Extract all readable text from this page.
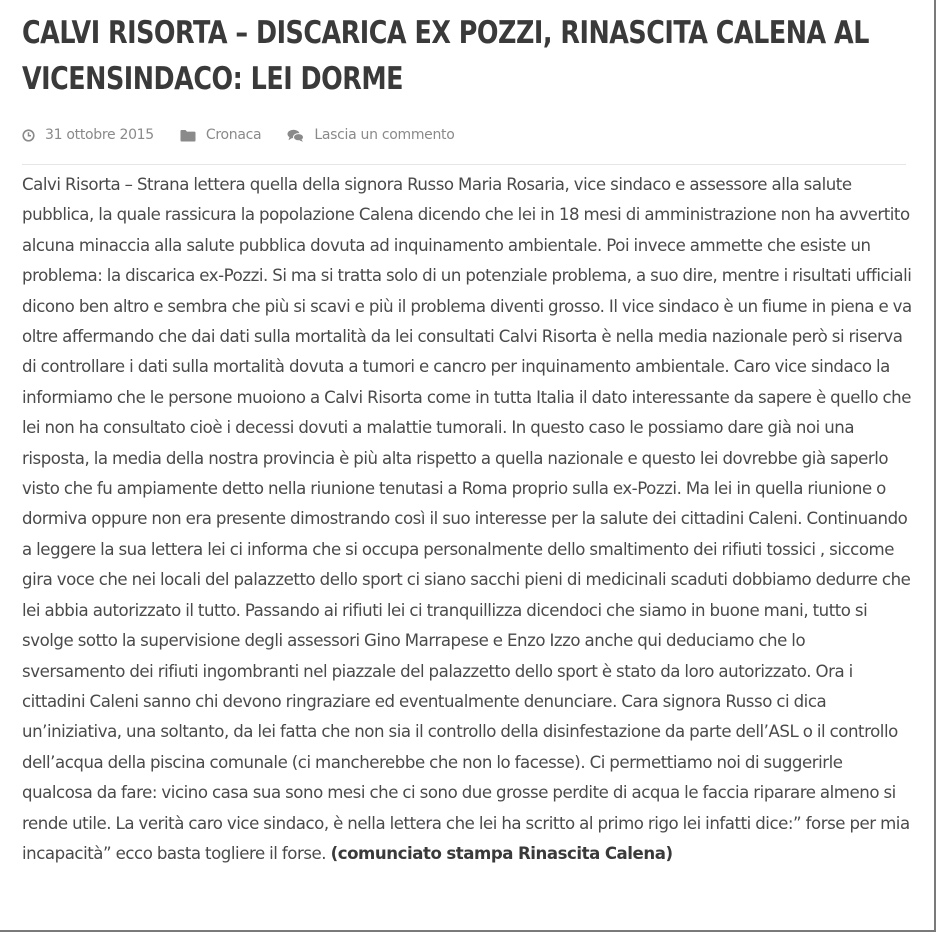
CALVI RISORTA – DISCARICA EX POZZI, RINASCITA CALENA AL VICENSINDACO: LEI DORME
31 ottobre 2015	Cronaca	Lascia un commento

Calvi Risorta – Strana lettera quella della signora Russo Maria Rosaria, vice sindaco e assessore alla salute pubblica, la quale rassicura la popolazione Calena dicendo che lei in 18 mesi di amministrazione non ha avvertito alcuna minaccia alla salute pubblica dovuta ad inquinamento ambientale. Poi invece ammette che esiste un problema: la discarica ex-Pozzi. Si ma si tratta solo di un potenziale problema, a suo dire, mentre i risultati ufficiali dicono ben altro e sembra che più si scavi e più il problema diventi grosso. Il vice sindaco è un fiume in piena e va oltre affermando che dai dati sulla mortalità da lei consultati Calvi Risorta è nella media nazionale però si riserva di controllare i dati sulla mortalità dovuta a tumori e cancro per inquinamento ambientale. Caro vice sindaco la informiamo che le persone muoiono a Calvi Risorta come in tutta Italia il dato interessante da sapere è quello che lei non ha consultato cioè i decessi dovuti a malattie tumorali. In questo caso le possiamo dare già noi una risposta, la media della nostra provincia è più alta rispetto a quella nazionale e questo lei dovrebbe già saperlo visto che fu ampiamente detto nella riunione tenutasi a Roma proprio sulla ex-Pozzi. Ma lei in quella riunione o dormiva oppure non era presente dimostrando così il suo interesse per la salute dei cittadini Caleni. Continuando a leggere la sua lettera lei ci informa che si occupa personalmente dello smaltimento dei rifiuti tossici , siccome gira voce che nei locali del palazzetto dello sport ci siano sacchi pieni di medicinali scaduti dobbiamo dedurre che lei abbia autorizzato il tutto. Passando ai rifiuti lei ci tranquillizza dicendoci che siamo in buone mani, tutto si svolge sotto la supervisione degli assessori Gino Marrapese e Enzo Izzo anche qui deduciamo che lo sversamento dei rifiuti ingombranti nel piazzale del palazzetto dello sport è stato da loro autorizzato. Ora i cittadini Caleni sanno chi devono ringraziare ed eventualmente denunciare. Cara signora Russo ci dica un’iniziativa, una soltanto, da lei fatta che non sia il controllo della disinfestazione da parte dell’ASL o il controllo dell’acqua della piscina comunale (ci mancherebbe che non lo facesse). Ci permettiamo noi di suggerirle qualcosa da fare: vicino casa sua sono mesi che ci sono due grosse perdite di acqua le faccia riparare almeno si rende utile. La verità caro vice sindaco, è nella lettera che lei ha scritto al primo rigo lei infatti dice:” forse per mia incapacità” ecco basta togliere il forse. (comunciato stampa Rinascita Calena)
